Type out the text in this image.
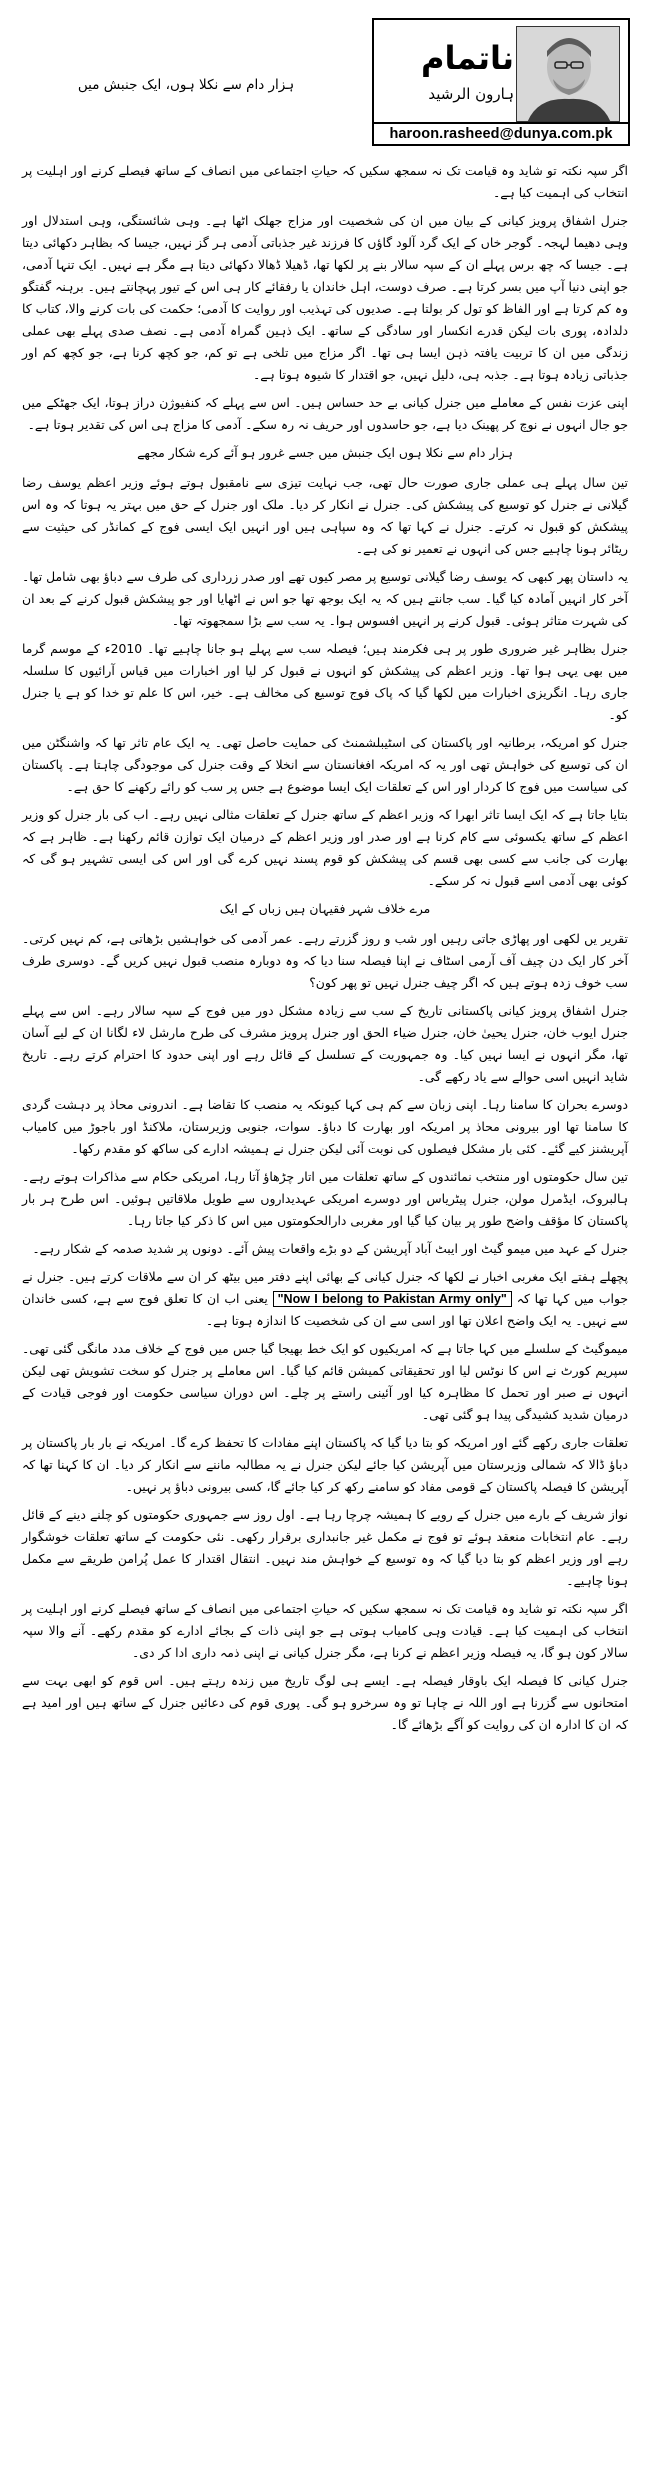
ناتمام
ہارون الرشید
haroon.rasheed@dunya.com.pk
ہزار دام سے نکلا ہوں، ایک جنبش میں

اگر سپہ نکتہ تو شاید وہ قیامت تک نہ سمجھ سکیں کہ حیاتِ اجتماعی میں انصاف کے ساتھ فیصلے کرنے اور اہلیت پر انتخاب کی اہمیت کیا ہے۔

جنرل اشفاق پرویز کیانی کے بیان میں ان کی شخصیت اور مزاج جھلک اٹھا ہے۔ وہی شائستگی، وہی استدلال اور وہی دھیما لہجہ۔ گوجر خاں کے ایک گرد آلود گاؤں کا فرزند غیر جذباتی آدمی ہر گز نہیں، جیسا کہ بظاہر دکھائی دیتا ہے۔ جیسا کہ چھ برس پہلے ان کے سپہ سالار بنے پر لکھا تھا، ڈھیلا ڈھالا دکھائی دیتا ہے مگر ہے نہیں۔ ایک تنہا آدمی، جو اپنی دنیا آپ میں بسر کرتا ہے۔ صرف دوست، اہل خاندان یا رفقائے کار ہی اس کے تیور پہچانتے ہیں۔ برہنہ گفتگو وہ کم کرتا ہے اور الفاظ کو تول کر بولتا ہے۔ صدیوں کی تہذیب اور روایت کا آدمی؛ حکمت کی بات کرنے والا، کتاب کا دلدادہ، پوری بات لیکن قدرے انکسار اور سادگی کے ساتھ۔ ایک ذہین گمراہ آدمی ہے۔ نصف صدی پہلے بھی عملی زندگی میں ان کا تربیت یافتہ ذہن ایسا ہی تھا۔ اگر مزاج میں تلخی ہے تو کم، جو کچھ کرنا ہے، جو کچھ کم اور جذباتی زیادہ ہوتا ہے۔ جذبہ ہی، دلیل نہیں، جو اقتدار کا شیوہ ہوتا ہے۔

اپنی عزت نفس کے معاملے میں جنرل کیانی بے حد حساس ہیں۔ اس سے پہلے کہ کنفیوژن دراز ہوتا، ایک جھٹکے میں جو جال انہوں نے نوچ کر پھینک دیا ہے، جو حاسدوں اور حریف نہ رہ سکے۔ آدمی کا مزاج ہی اس کی تقدیر ہوتا ہے۔

ہزار دام سے نکلا ہوں ایک جنبش میں جسے غرور ہو آئے کرے شکار مجھے

تین سال پہلے ہی عملی جاری صورت حال تھی، جب نہایت تیزی سے نامقبول ہوتے ہوئے وزیر اعظم یوسف رضا گیلانی نے جنرل کو توسیع کی پیشکش کی۔ جنرل نے انکار کر دیا۔ ملک اور جنرل کے حق میں بہتر یہ ہوتا کہ وہ اس پیشکش کو قبول نہ کرتے۔ جنرل نے کہا تھا کہ وہ سپاہی ہیں اور انہیں ایک ایسی فوج کے کمانڈر کی حیثیت سے ریٹائر ہونا چاہیے جس کی انہوں نے تعمیر نو کی ہے۔

یہ داستان پھر کبھی کہ یوسف رضا گیلانی توسیع پر مصر کیوں تھے اور صدر زرداری کی طرف سے دباؤ بھی شامل تھا۔ آخر کار انہیں آمادہ کیا گیا۔ سب جانتے ہیں کہ یہ ایک بوجھ تھا جو اس نے اٹھایا اور جو پیشکش قبول کرنے کے بعد ان کی شہرت متاثر ہوئی۔ قبول کرنے پر انہیں افسوس ہوا۔ یہ سب سے بڑا سمجھوتہ تھا۔

جنرل بظاہر غیر ضروری طور پر ہی فکرمند ہیں؛ فیصلہ سب سے پہلے ہو جانا چاہیے تھا۔ 2010ء کے موسم گرما میں بھی یہی ہوا تھا۔ وزیر اعظم کی پیشکش کو انہوں نے قبول کر لیا اور اخبارات میں قیاس آرائیوں کا سلسلہ جاری رہا۔ انگریزی اخبارات میں لکھا گیا کہ پاک فوج توسیع کی مخالف ہے۔ خیر، اس کا علم تو خدا کو ہے یا جنرل کو۔

جنرل کو امریکہ، برطانیہ اور پاکستان کی اسٹیبلشمنٹ کی حمایت حاصل تھی۔ یہ ایک عام تاثر تھا کہ واشنگٹن میں ان کی توسیع کی خواہش تھی اور یہ کہ امریکہ افغانستان سے انخلا کے وقت جنرل کی موجودگی چاہتا ہے۔ پاکستان کی سیاست میں فوج کا کردار اور اس کے تعلقات ایک ایسا موضوع ہے جس پر سب کو رائے رکھنے کا حق ہے۔

بتایا جاتا ہے کہ ایک ایسا تاثر ابھرا کہ وزیر اعظم کے ساتھ جنرل کے تعلقات مثالی نہیں رہے۔ اب کی بار جنرل کو وزیر اعظم کے ساتھ یکسوئی سے کام کرنا ہے اور صدر اور وزیر اعظم کے درمیان ایک توازن قائم رکھنا ہے۔ ظاہر ہے کہ بھارت کی جانب سے کسی بھی قسم کی پیشکش کو قوم پسند نہیں کرے گی اور اس کی ایسی تشہیر ہو گی کہ کوئی بھی آدمی اسے قبول نہ کر سکے۔

مرے خلاف شہر فقیہان ہیں زباں کے ایک

تقریر یں لکھی اور پھاڑی جاتی رہیں اور شب و روز گزرتے رہے۔ عمر آدمی کی خواہشیں بڑھاتی ہے، کم نہیں کرتی۔ آخر کار ایک دن چیف آف آرمی اسٹاف نے اپنا فیصلہ سنا دیا کہ وہ دوبارہ منصب قبول نہیں کریں گے۔ دوسری طرف سب خوف زدہ ہوتے ہیں کہ اگر چیف جنرل نہیں تو پھر کون؟

جنرل اشفاق پرویز کیانی پاکستانی تاریخ کے سب سے زیادہ مشکل دور میں فوج کے سپہ سالار رہے۔ اس سے پہلے جنرل ایوب خان، جنرل یحییٰ خان، جنرل ضیاء الحق اور جنرل پرویز مشرف کی طرح مارشل لاء لگانا ان کے لیے آسان تھا، مگر انہوں نے ایسا نہیں کیا۔ وہ جمہوریت کے تسلسل کے قائل رہے اور اپنی حدود کا احترام کرتے رہے۔ تاریخ شاید انہیں اسی حوالے سے یاد رکھے گی۔

دوسرے بحران کا سامنا رہا۔ اپنی زبان سے کم ہی کہا کیونکہ یہ منصب کا تقاضا ہے۔ اندرونی محاذ پر دہشت گردی کا سامنا تھا اور بیرونی محاذ پر امریکہ اور بھارت کا دباؤ۔ سوات، جنوبی وزیرستان، ملاکنڈ اور باجوڑ میں کامیاب آپریشنز کیے گئے۔ کئی بار مشکل فیصلوں کی نوبت آئی لیکن جنرل نے ہمیشہ ادارے کی ساکھ کو مقدم رکھا۔

تین سال حکومتوں اور منتخب نمائندوں کے ساتھ تعلقات میں اتار چڑھاؤ آتا رہا، امریکی حکام سے مذاکرات ہوتے رہے۔ ہالبروک، ایڈمرل مولن، جنرل پیٹریاس اور دوسرے امریکی عہدیداروں سے طویل ملاقاتیں ہوئیں۔ اس طرح ہر بار پاکستان کا مؤقف واضح طور پر بیان کیا گیا اور مغربی دارالحکومتوں میں اس کا ذکر کیا جاتا رہا۔

جنرل کے عہد میں میمو گیٹ اور ایبٹ آباد آپریشن کے دو بڑے واقعات پیش آئے۔ دونوں پر شدید صدمہ کے شکار رہے۔

پچھلے ہفتے ایک مغربی اخبار نے لکھا کہ جنرل کیانی کے بھائی اپنے دفتر میں بیٹھ کر ان سے ملاقات کرتے ہیں۔ جنرل نے جواب میں کہا تھا کہ "Now I belong to Pakistan Army only" یعنی اب ان کا تعلق فوج سے ہے، کسی خاندان سے نہیں۔ یہ ایک واضح اعلان تھا اور اسی سے ان کی شخصیت کا اندازہ ہوتا ہے۔

میموگیٹ کے سلسلے میں کہا جاتا ہے کہ امریکیوں کو ایک خط بھیجا گیا جس میں فوج کے خلاف مدد مانگی گئی تھی۔ سپریم کورٹ نے اس کا نوٹس لیا اور تحقیقاتی کمیشن قائم کیا گیا۔ اس معاملے پر جنرل کو سخت تشویش تھی لیکن انہوں نے صبر اور تحمل کا مظاہرہ کیا اور آئینی راستے پر چلے۔ اس دوران سیاسی حکومت اور فوجی قیادت کے درمیان شدید کشیدگی پیدا ہو گئی تھی۔

تعلقات جاری رکھے گئے اور امریکہ کو بتا دیا گیا کہ پاکستان اپنے مفادات کا تحفظ کرے گا۔ امریکہ نے بار بار پاکستان پر دباؤ ڈالا کہ شمالی وزیرستان میں آپریشن کیا جائے لیکن جنرل نے یہ مطالبہ ماننے سے انکار کر دیا۔ ان کا کہنا تھا کہ آپریشن کا فیصلہ پاکستان کے قومی مفاد کو سامنے رکھ کر کیا جائے گا، کسی بیرونی دباؤ پر نہیں۔

نواز شریف کے بارے میں جنرل کے رویے کا ہمیشہ چرچا رہا ہے۔ اول روز سے جمہوری حکومتوں کو چلنے دینے کے قائل رہے۔ عام انتخابات منعقد ہوئے تو فوج نے مکمل غیر جانبداری برقرار رکھی۔ نئی حکومت کے ساتھ تعلقات خوشگوار رہے اور وزیر اعظم کو بتا دیا گیا کہ وہ توسیع کے خواہش مند نہیں۔ انتقال اقتدار کا عمل پُرامن طریقے سے مکمل ہونا چاہیے۔

اگر سپہ نکتہ تو شاید وہ قیامت تک نہ سمجھ سکیں کہ حیاتِ اجتماعی میں انصاف کے ساتھ فیصلے کرنے اور اہلیت پر انتخاب کی اہمیت کیا ہے۔ قیادت وہی کامیاب ہوتی ہے جو اپنی ذات کے بجائے ادارے کو مقدم رکھے۔ آنے والا سپہ سالار کون ہو گا، یہ فیصلہ وزیر اعظم نے کرنا ہے، مگر جنرل کیانی نے اپنی ذمہ داری ادا کر دی۔

جنرل کیانی کا فیصلہ ایک باوقار فیصلہ ہے۔ ایسے ہی لوگ تاریخ میں زندہ رہتے ہیں۔ اس قوم کو ابھی بہت سے امتحانوں سے گزرنا ہے اور اللہ نے چاہا تو وہ سرخرو ہو گی۔ پوری قوم کی دعائیں جنرل کے ساتھ ہیں اور امید ہے کہ ان کا ادارہ ان کی روایت کو آگے بڑھائے گا۔
